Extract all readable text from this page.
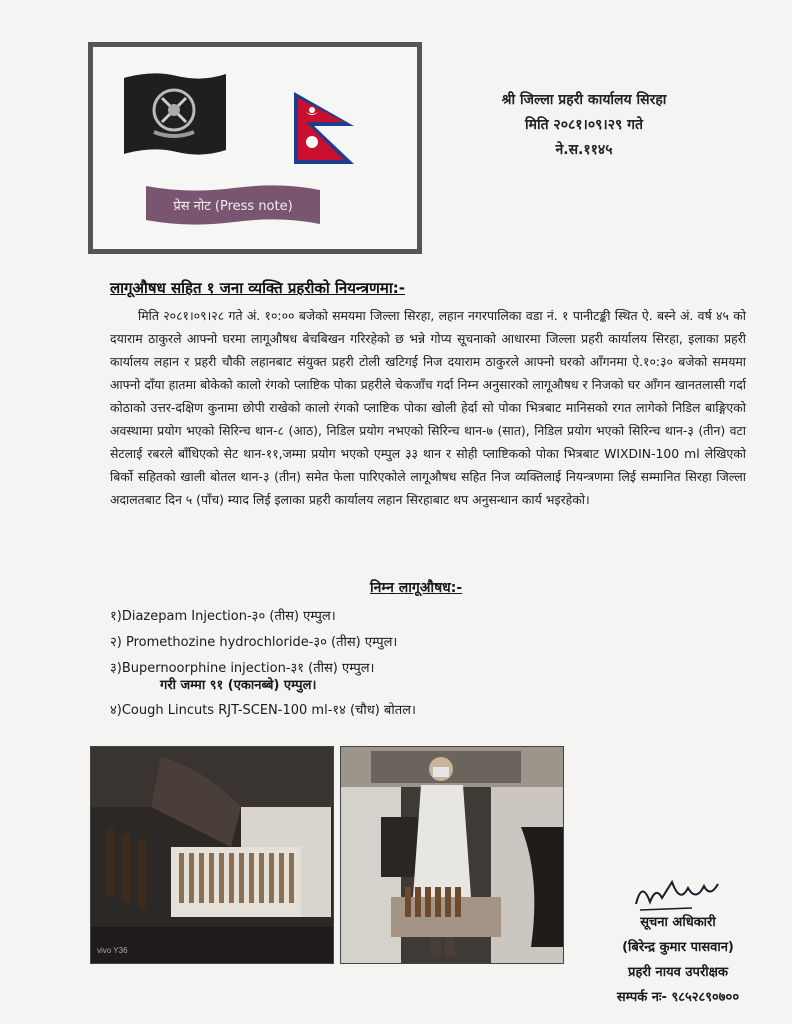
प्रेस नोट (Press note)
श्री जिल्ला प्रहरी कार्यालय सिरहा
मिति २०८१।०९।२९ गते
ने.स.११४५
लागूऔषध सहित १ जना व्यक्ति प्रहरीको नियन्त्रणमा:-
मिति २०८१।०९।२८ गते अं. १०:०० बजेको समयमा जिल्ला सिरहा, लहान नगरपालिका वडा नं. १ पानीटङ्की स्थित ऐ. बस्ने अं. वर्ष ४५ को दयाराम ठाकुरले आफ्नो घरमा लागूऔषध बेचबिखन गरिरहेको छ भन्ने गोप्य सूचनाको आधारमा जिल्ला प्रहरी कार्यालय सिरहा, इलाका प्रहरी कार्यालय लहान र प्रहरी चौकी लहानबाट संयुक्त प्रहरी टोली खटिगई निज दयाराम ठाकुरले आफ्नो घरको आँगनमा ऐ.१०:३० बजेको समयमा आफ्नो दाँया हातमा बोकेको कालो रंगको प्लाष्टिक पोका प्रहरीले चेकजाँच गर्दा निम्न अनुसारको लागूऔषध र निजको घर आँगन खानतलासी गर्दा कोठाको उत्तर-दक्षिण कुनामा छोपी राखेको कालो रंगको प्लाष्टिक पोका खोली हेर्दा सो पोका भित्रबाट मानिसको रगत लागेको निडिल बाङ्गिएको अवस्थामा प्रयोग भएको सिरिन्च थान-८ (आठ), निडिल प्रयोग नभएको सिरिन्च थान-७ (सात), निडिल प्रयोग भएको सिरिन्च थान-३ (तीन) वटा सेटलाई रबरले बाँधिएको सेट थान-११,जम्मा प्रयोग भएको एम्पुल ३३ थान र सोही प्लाष्टिकको पोका भित्रबाट WIXDIN-100 ml लेखिएको बिर्को सहितको खाली बोतल थान-३ (तीन) समेत फेला पारिएकोले लागूऔषध सहित निज व्यक्तिलाई नियन्त्रणमा लिई सम्मानित सिरहा जिल्ला अदालतबाट दिन ५ (पाँच) म्याद लिई इलाका प्रहरी कार्यालय लहान सिरहाबाट थप अनुसन्धान कार्य भइरहेको।
निम्न लागूऔषध:-
१)Diazepam Injection-३० (तीस) एम्पुल।
२) Promethozine hydrochloride-३० (तीस) एम्पुल।
३)Bupernoorphine injection-३१ (तीस) एम्पुल।
गरी जम्मा ९१ (एकानब्बे) एम्पुल।
४)Cough Lincuts RJT-SCEN-100 ml-१४ (चौध) बोतल।
vivo Y36
सूचना अधिकारी
(बिरेन्द्र कुमार पासवान)
प्रहरी नायव उपरीक्षक
सम्पर्क नः- ९८५२८९०७००
